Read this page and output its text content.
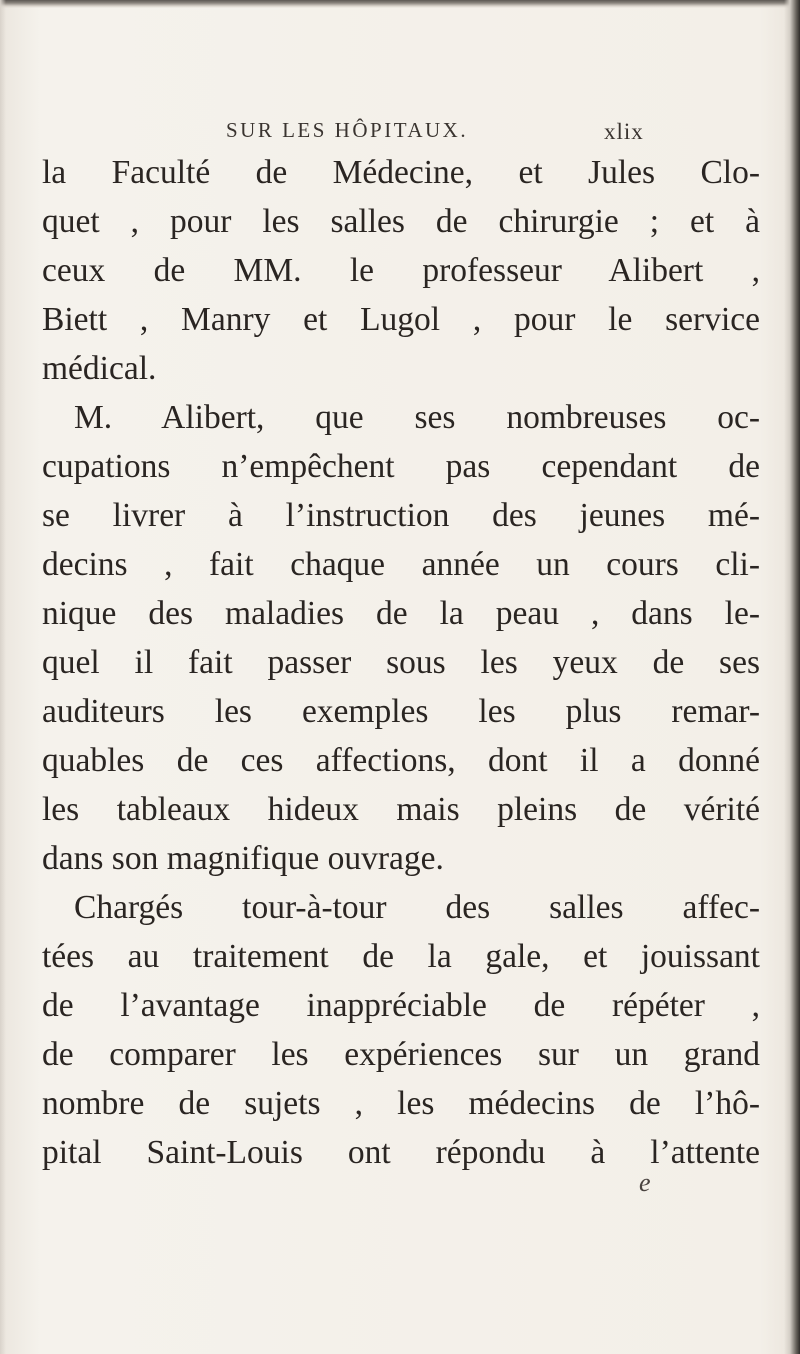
SUR LES HÔPITAUX.	xlix
la Faculté de Médecine, et Jules Clo-
quet , pour les salles de chirurgie ; et à
ceux de MM. le professeur Alibert ,
Biett , Manry et Lugol , pour le service
médical.
M. Alibert, que ses nombreuses oc-
cupations n’empêchent pas cependant de
se livrer à l’instruction des jeunes mé-
decins , fait chaque année un cours cli-
nique des maladies de la peau , dans le-
quel il fait passer sous les yeux de ses
auditeurs les exemples les plus remar-
quables de ces affections, dont il a donné
les tableaux hideux mais pleins de vérité
dans son magnifique ouvrage.
Chargés tour-à-tour des salles affec-
tées au traitement de la gale, et jouissant
de l’avantage inappréciable de répéter ,
de comparer les expériences sur un grand
nombre de sujets , les médecins de l’hô-
pital Saint-Louis ont répondu à l’attente
e
